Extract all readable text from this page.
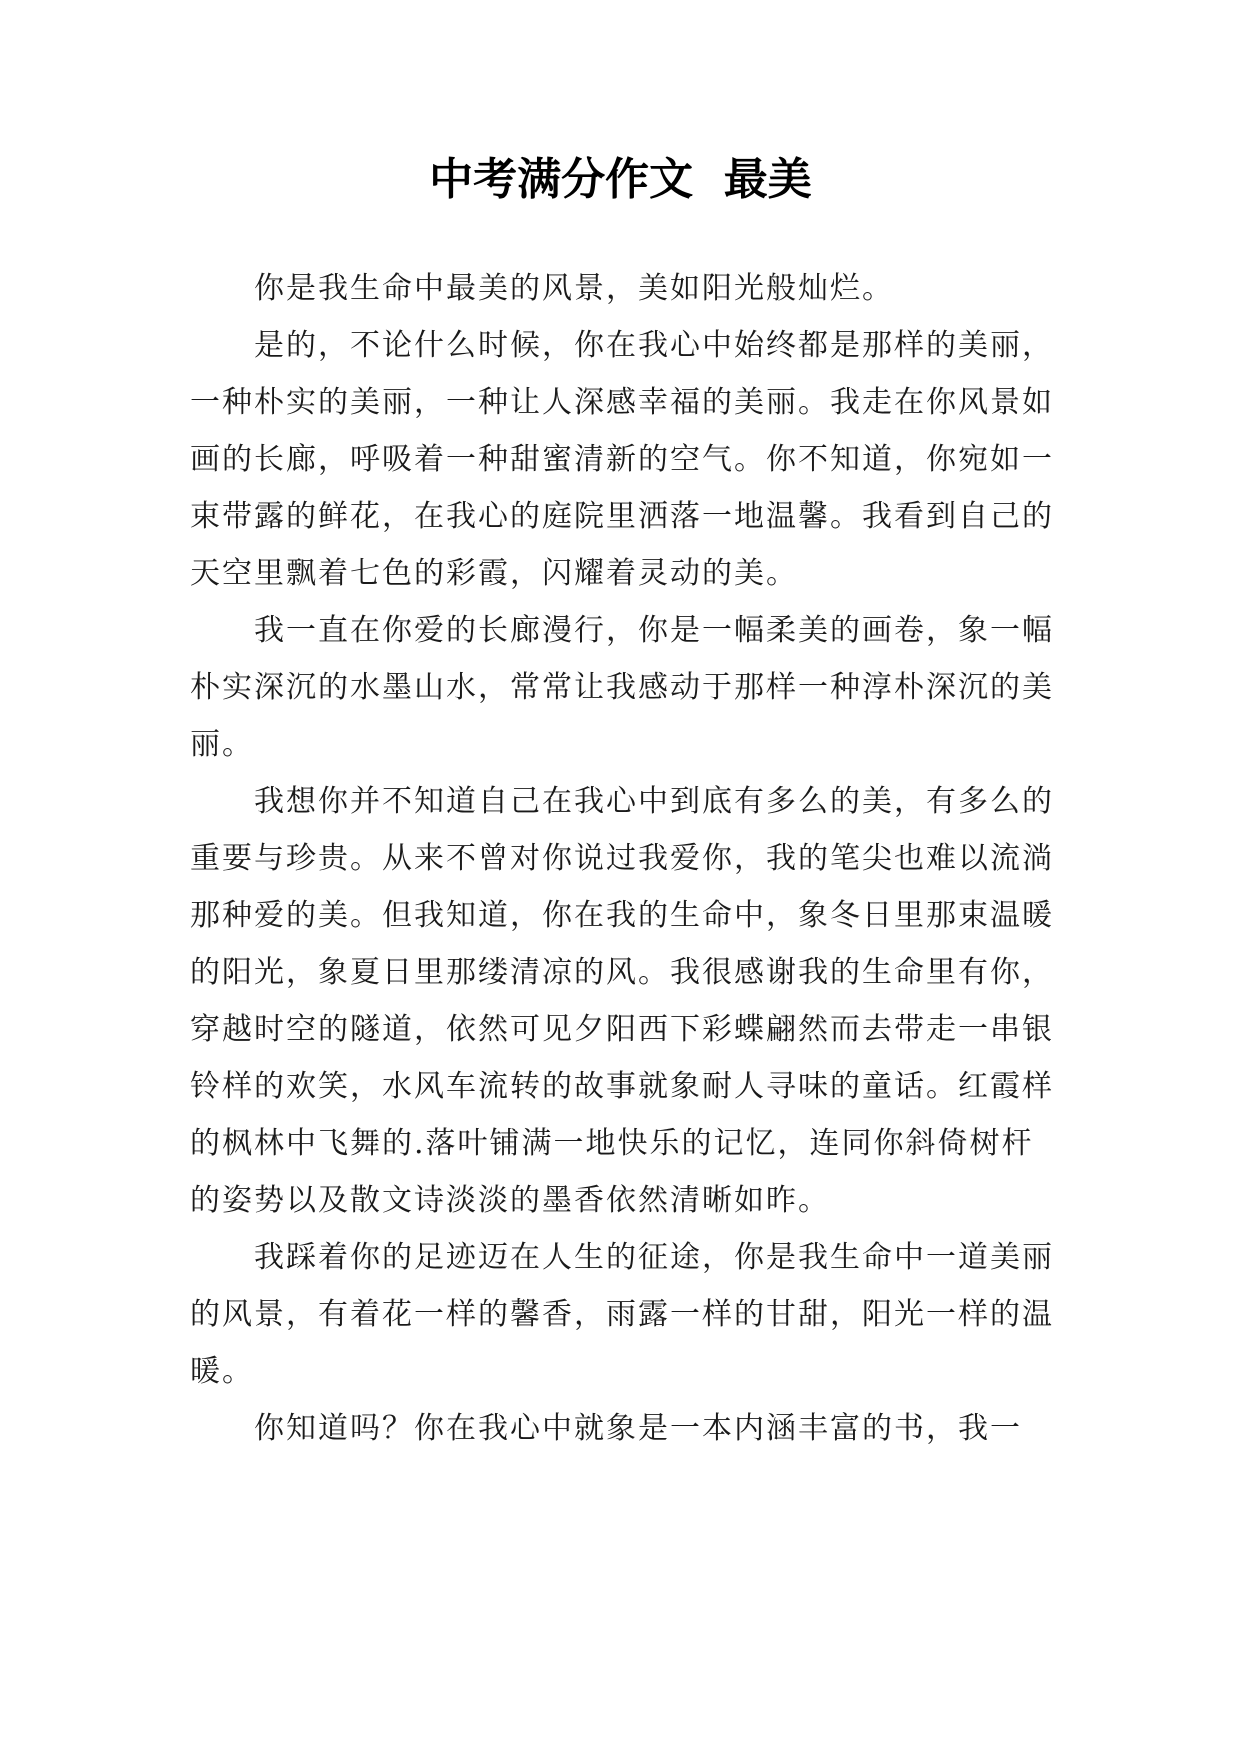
中考满分作文  最美

你是我生命中最美的风景，美如阳光般灿烂。

是的，不论什么时候，你在我心中始终都是那样的美丽，一种朴实的美丽，一种让人深感幸福的美丽。我走在你风景如画的长廊，呼吸着一种甜蜜清新的空气。你不知道，你宛如一束带露的鲜花，在我心的庭院里洒落一地温馨。我看到自己的天空里飘着七色的彩霞，闪耀着灵动的美。

我一直在你爱的长廊漫行，你是一幅柔美的画卷，象一幅朴实深沉的水墨山水，常常让我感动于那样一种淳朴深沉的美丽。

我想你并不知道自己在我心中到底有多么的美，有多么的重要与珍贵。从来不曾对你说过我爱你，我的笔尖也难以流淌那种爱的美。但我知道，你在我的生命中，象冬日里那束温暖的阳光，象夏日里那缕清凉的风。我很感谢我的生命里有你，穿越时空的隧道，依然可见夕阳西下彩蝶翩然而去带走一串银铃样的欢笑，水风车流转的故事就象耐人寻味的童话。红霞样的枫林中飞舞的.落叶铺满一地快乐的记忆，连同你斜倚树杆的姿势以及散文诗淡淡的墨香依然清晰如昨。

我踩着你的足迹迈在人生的征途，你是我生命中一道美丽的风景，有着花一样的馨香，雨露一样的甘甜，阳光一样的温暖。

你知道吗？你在我心中就象是一本内涵丰富的书，我一
